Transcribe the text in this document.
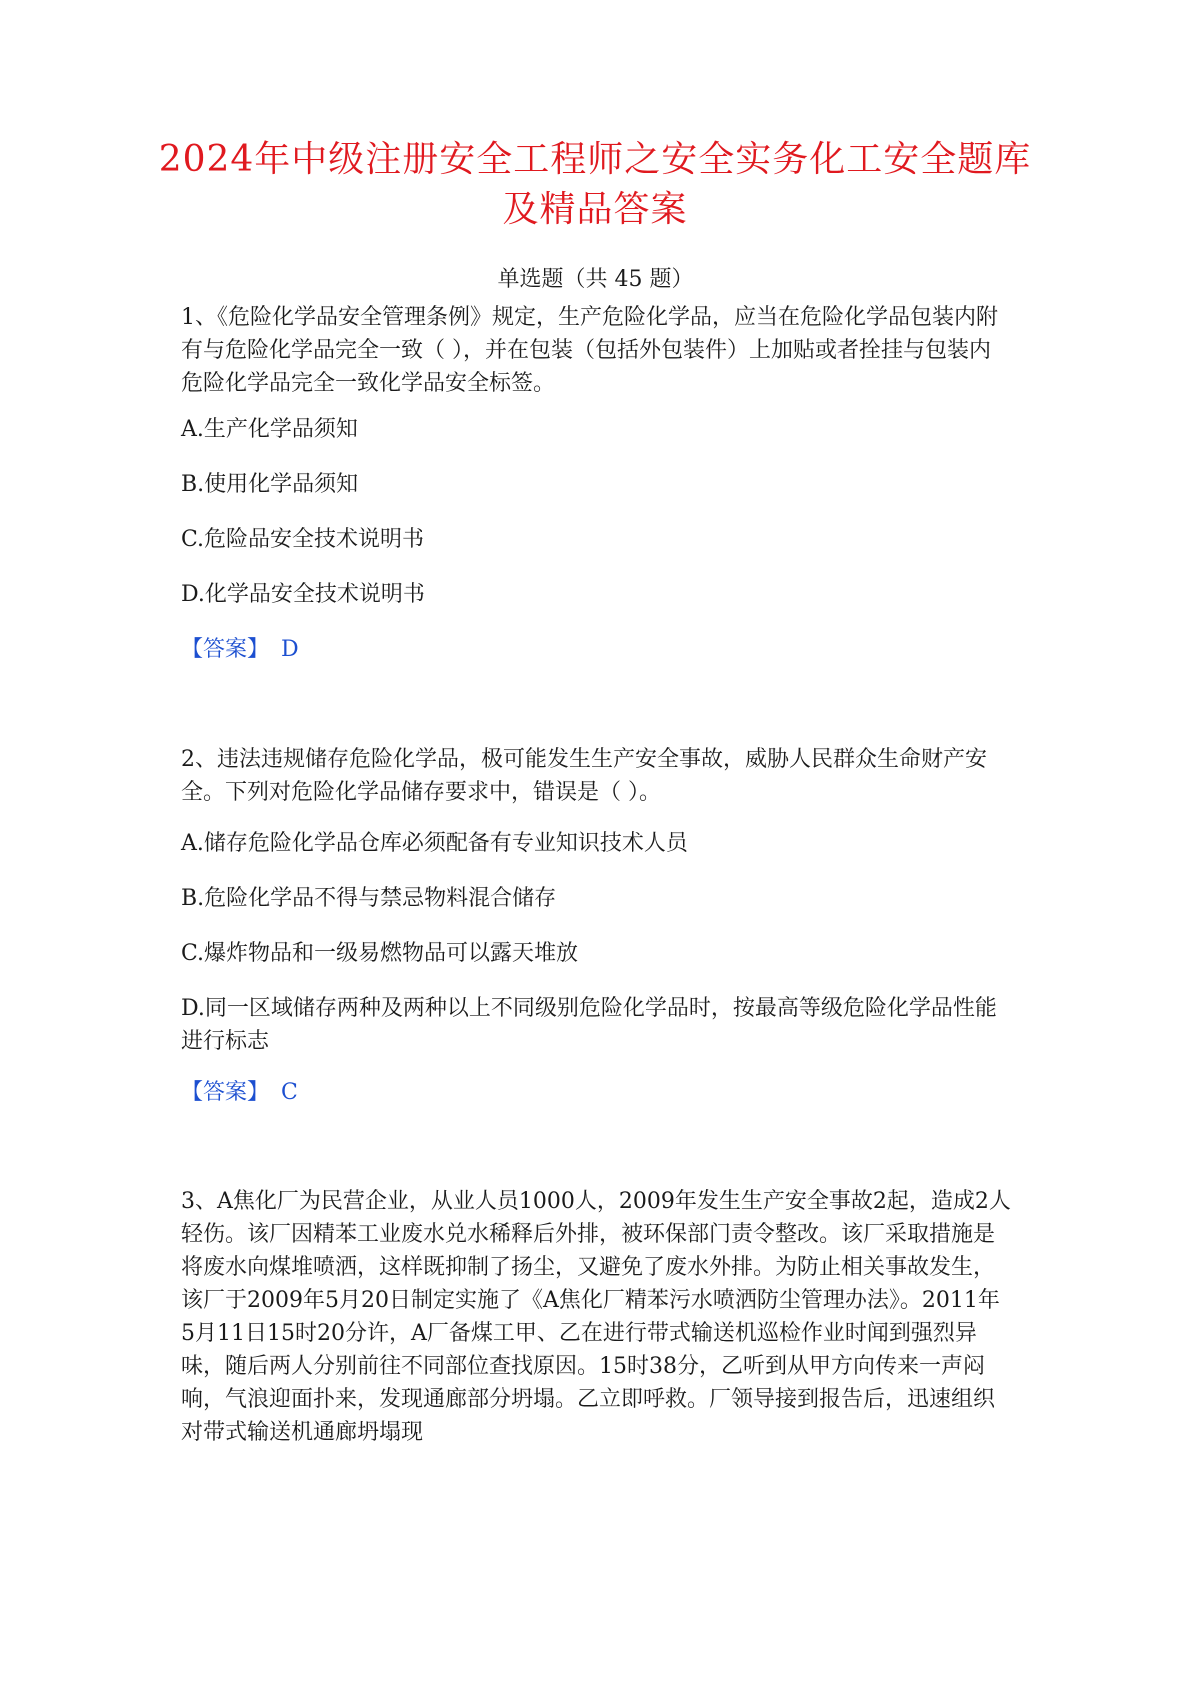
2024年中级注册安全工程师之安全实务化工安全题库及精品答案
单选题（共 45 题）
1、《危险化学品安全管理条例》规定，生产危险化学品，应当在危险化学品包装内附有与危险化学品完全一致（ ），并在包装（包括外包装件）上加贴或者拴挂与包装内危险化学品完全一致化学品安全标签。
A.生产化学品须知
B.使用化学品须知
C.危险品安全技术说明书
D.化学品安全技术说明书
【答案】 D
2、违法违规储存危险化学品，极可能发生生产安全事故，威胁人民群众生命财产安全。下列对危险化学品储存要求中，错误是（ ）。
A.储存危险化学品仓库必须配备有专业知识技术人员
B.危险化学品不得与禁忌物料混合储存
C.爆炸物品和一级易燃物品可以露天堆放
D.同一区域储存两种及两种以上不同级别危险化学品时，按最高等级危险化学品性能进行标志
【答案】 C
3、A焦化厂为民营企业，从业人员1000人，2009年发生生产安全事故2起，造成2人轻伤。该厂因精苯工业废水兑水稀释后外排，被环保部门责令整改。该厂采取措施是将废水向煤堆喷洒，这样既抑制了扬尘，又避免了废水外排。为防止相关事故发生，该厂于2009年5月20日制定实施了《A焦化厂精苯污水喷洒防尘管理办法》。2011年5月11日15时20分许，A厂备煤工甲、乙在进行带式输送机巡检作业时闻到强烈异味，随后两人分别前往不同部位查找原因。15时38分，乙听到从甲方向传来一声闷响，气浪迎面扑来，发现通廊部分坍塌。乙立即呼救。厂领导接到报告后，迅速组织对带式输送机通廊坍塌现
